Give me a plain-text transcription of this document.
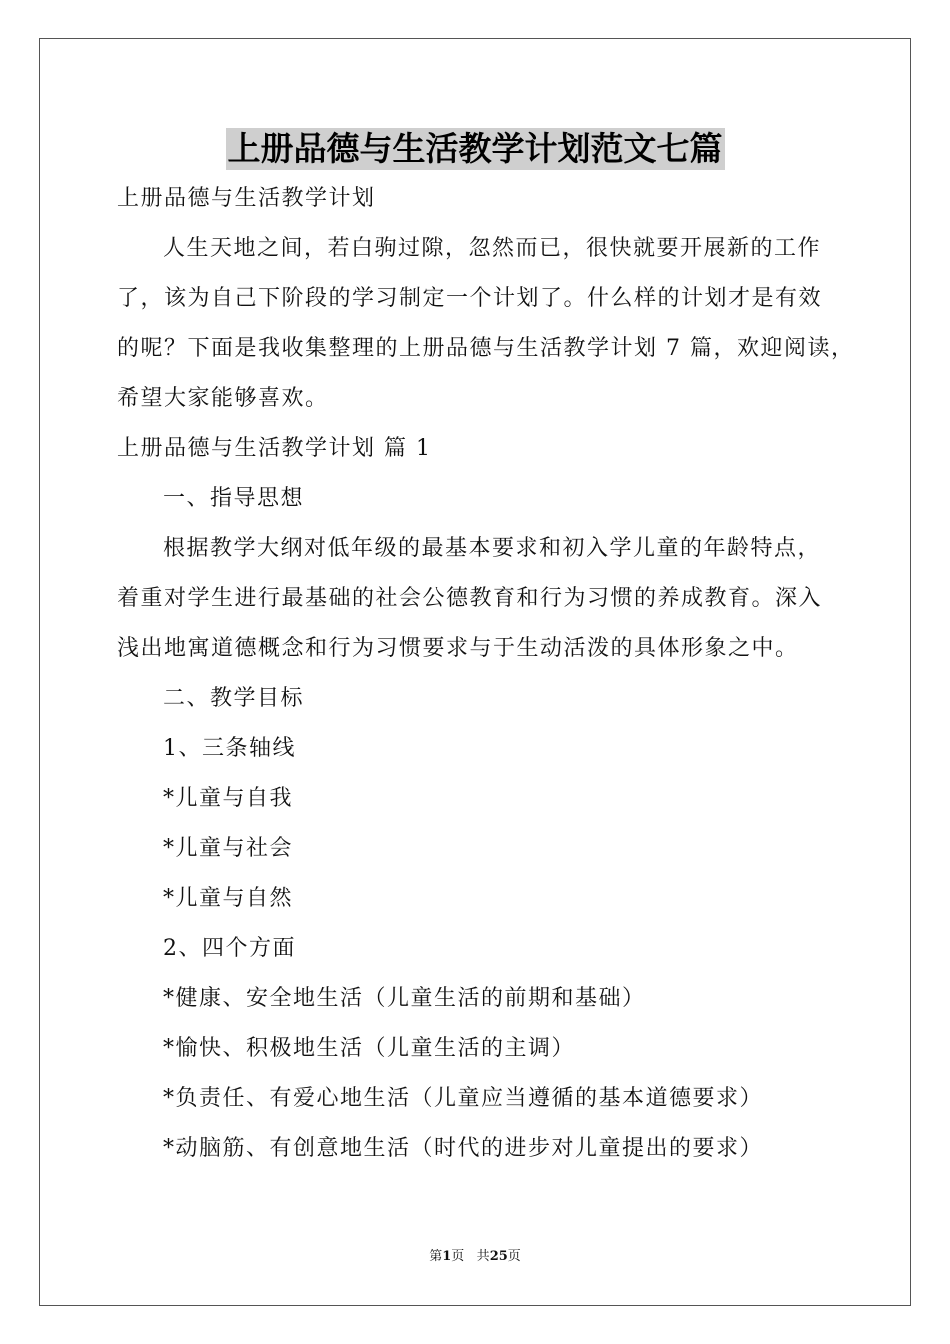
上册品德与生活教学计划范文七篇
上册品德与生活教学计划
人生天地之间，若白驹过隙，忽然而已，很快就要开展新的工作
了，该为自己下阶段的学习制定一个计划了。什么样的计划才是有效
的呢？下面是我收集整理的上册品德与生活教学计划 7 篇，欢迎阅读，
希望大家能够喜欢。
上册品德与生活教学计划 篇 1
一、指导思想
根据教学大纲对低年级的最基本要求和初入学儿童的年龄特点，
着重对学生进行最基础的社会公德教育和行为习惯的养成教育。深入
浅出地寓道德概念和行为习惯要求与于生动活泼的具体形象之中。
二、教学目标
1、三条轴线
*儿童与自我
*儿童与社会
*儿童与自然
2、四个方面
*健康、安全地生活（儿童生活的前期和基础）
*愉快、积极地生活（儿童生活的主调）
*负责任、有爱心地生活（儿童应当遵循的基本道德要求）
*动脑筋、有创意地生活（时代的进步对儿童提出的要求）
第1页 共25页
